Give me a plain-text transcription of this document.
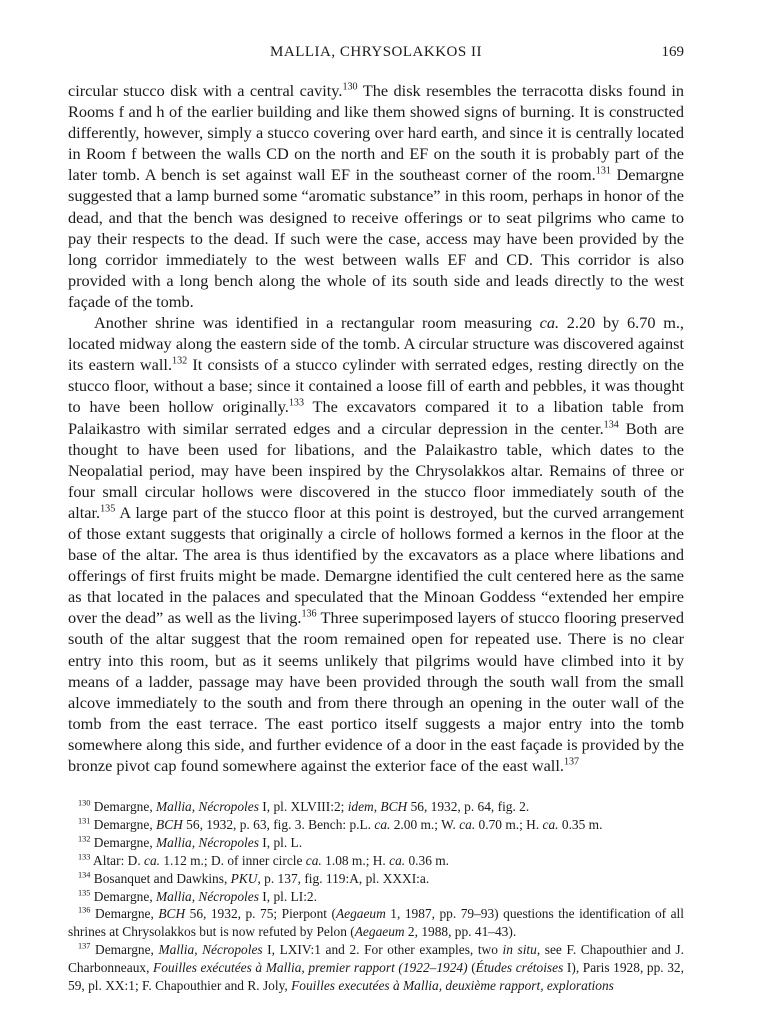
MALLIA, CHRYSOLAKKOS II	169

circular stucco disk with a central cavity.$^{130}$ The disk resembles the terracotta disks found in Rooms f and h of the earlier building and like them showed signs of burning. It is constructed differently, however, simply a stucco covering over hard earth, and since it is centrally located in Room f between the walls CD on the north and EF on the south it is probably part of the later tomb. A bench is set against wall EF in the southeast corner of the room.$^{131}$ Demargne suggested that a lamp burned some “aromatic substance” in this room, perhaps in honor of the dead, and that the bench was designed to receive offerings or to seat pilgrims who came to pay their respects to the dead. If such were the case, access may have been provided by the long corridor immediately to the west between walls EF and CD. This corridor is also provided with a long bench along the whole of its south side and leads directly to the west façade of the tomb.

Another shrine was identified in a rectangular room measuring ca. 2.20 by 6.70 m., located midway along the eastern side of the tomb. A circular structure was discovered against its eastern wall.$^{132}$ It consists of a stucco cylinder with serrated edges, resting directly on the stucco floor, without a base; since it contained a loose fill of earth and pebbles, it was thought to have been hollow originally.$^{133}$ The excavators compared it to a libation table from Palaikastro with similar serrated edges and a circular depression in the center.$^{134}$ Both are thought to have been used for libations, and the Palaikastro table, which dates to the Neopalatial period, may have been inspired by the Chrysolakkos altar. Remains of three or four small circular hollows were discovered in the stucco floor immediately south of the altar.$^{135}$ A large part of the stucco floor at this point is destroyed, but the curved arrangement of those extant suggests that originally a circle of hollows formed a kernos in the floor at the base of the altar. The area is thus identified by the excavators as a place where libations and offerings of first fruits might be made. Demargne identified the cult centered here as the same as that located in the palaces and speculated that the Minoan Goddess “extended her empire over the dead” as well as the living.$^{136}$ Three superimposed layers of stucco flooring preserved south of the altar suggest that the room remained open for repeated use. There is no clear entry into this room, but as it seems unlikely that pilgrims would have climbed into it by means of a ladder, passage may have been provided through the south wall from the small alcove immediately to the south and from there through an opening in the outer wall of the tomb from the east terrace. The east portico itself suggests a major entry into the tomb somewhere along this side, and further evidence of a door in the east façade is provided by the bronze pivot cap found somewhere against the exterior face of the east wall.$^{137}$

$^{130}$ Demargne, Mallia, Nécropoles I, pl. XLVIII:2; idem, BCH 56, 1932, p. 64, fig. 2.

$^{131}$ Demargne, BCH 56, 1932, p. 63, fig. 3. Bench: p.L. ca. 2.00 m.; W. ca. 0.70 m.; H. ca. 0.35 m.

$^{132}$ Demargne, Mallia, Nécropoles I, pl. L.

$^{133}$ Altar: D. ca. 1.12 m.; D. of inner circle ca. 1.08 m.; H. ca. 0.36 m.

$^{134}$ Bosanquet and Dawkins, PKU, p. 137, fig. 119:A, pl. XXXI:a.

$^{135}$ Demargne, Mallia, Nécropoles I, pl. LI:2.

$^{136}$ Demargne, BCH 56, 1932, p. 75; Pierpont (Aegaeum 1, 1987, pp. 79–93) questions the identification of all shrines at Chrysolakkos but is now refuted by Pelon (Aegaeum 2, 1988, pp. 41–43).

$^{137}$ Demargne, Mallia, Nécropoles I, LXIV:1 and 2. For other examples, two in situ, see F. Chapouthier and J. Charbonneaux, Fouilles exécutées à Mallia, premier rapport (1922–1924) (Études crétoises I), Paris 1928, pp. 32, 59, pl. XX:1; F. Chapouthier and R. Joly, Fouilles executées à Mallia, deuxième rapport, explorations
